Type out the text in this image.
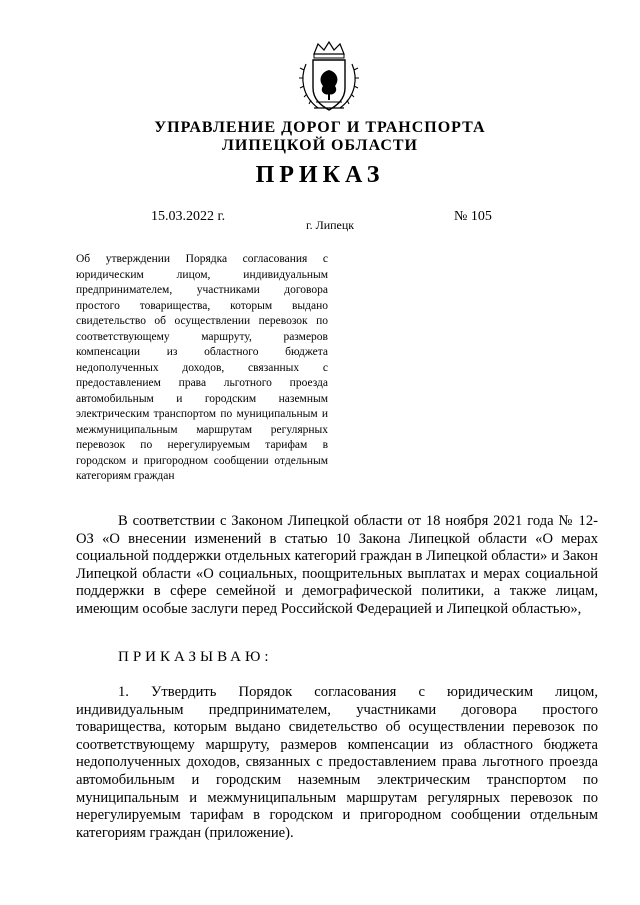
УПРАВЛЕНИЕ ДОРОГ И ТРАНСПОРТА
ЛИПЕЦКОЙ ОБЛАСТИ
ПРИКАЗ
15.03.2022 г.
г. Липецк
№ 105
Об утверждении Порядка согласования с юридическим лицом, индивидуальным предпринимателем, участниками договора простого товарищества, которым выдано свидетельство об осуществлении перевозок по соответствующему маршруту, размеров компенсации из областного бюджета недополученных доходов, связанных с предоставлением права льготного проезда автомобильным и городским наземным электрическим транспортом по муниципальным и межмуниципальным маршрутам регулярных перевозок по нерегулируемым тарифам в городском и пригородном сообщении отдельным категориям граждан
В соответствии с Законом Липецкой области от 18 ноября 2021 года № 12-ОЗ «О внесении изменений в статью 10 Закона Липецкой области «О мерах социальной поддержки отдельных категорий граждан в Липецкой области» и Закон Липецкой области «О социальных, поощрительных выплатах и мерах социальной поддержки в сфере семейной и демографической политики, а также лицам, имеющим особые заслуги перед Российской Федерацией и Липецкой областью»,
ПРИКАЗЫВАЮ:
1. Утвердить Порядок согласования с юридическим лицом, индивидуальным предпринимателем, участниками договора простого товарищества, которым выдано свидетельство об осуществлении перевозок по соответствующему маршруту, размеров компенсации из областного бюджета недополученных доходов, связанных с предоставлением права льготного проезда автомобильным и городским наземным электрическим транспортом по муниципальным и межмуниципальным маршрутам регулярных перевозок по нерегулируемым тарифам в городском и пригородном сообщении отдельным категориям граждан (приложение).
